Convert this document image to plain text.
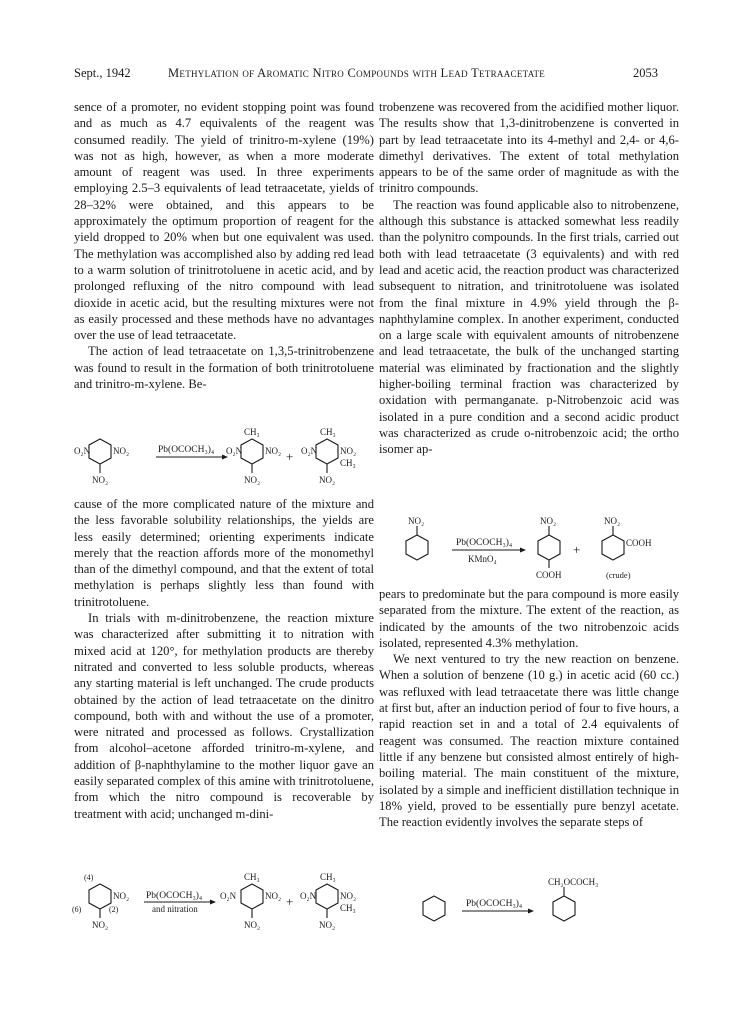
Sept., 1942	Methylation of Aromatic Nitro Compounds with Lead Tetraacetate	2053

sence of a promoter, no evident stopping point was found and as much as 4.7 equivalents of the reagent was consumed readily. The yield of trinitro-m-xylene (19%) was not as high, however, as when a more moderate amount of reagent was used. In three experiments employing 2.5–3 equivalents of lead tetraacetate, yields of 28–32% were obtained, and this appears to be approximately the optimum proportion of reagent for the yield dropped to 20% when but one equivalent was used. The methylation was accomplished also by adding red lead to a warm solution of trinitrotoluene in acetic acid, and by prolonged refluxing of the nitro compound with lead dioxide in acetic acid, but the resulting mixtures were not as easily processed and these methods have no advantages over the use of lead tetraacetate.

The action of lead tetraacetate on 1,3,5-trinitrobenzene was found to result in the formation of both trinitrotoluene and trinitro-m-xylene. Be-

O₂N	NO₂
NO₂
Pb(OCOCH₃)₄
CH₃
O₂N	NO₂
NO₂
+
CH₃
O₂N	NO₂
CH₃
NO₂

cause of the more complicated nature of the mixture and the less favorable solubility relationships, the yields are less easily determined; orienting experiments indicate merely that the reaction affords more of the monomethyl than of the dimethyl compound, and that the extent of total methylation is perhaps slightly less than found with trinitrotoluene.

In trials with m-dinitrobenzene, the reaction mixture was characterized after submitting it to nitration with mixed acid at 120°, for methylation products are thereby nitrated and converted to less soluble products, whereas any starting material is left unchanged. The crude products obtained by the action of lead tetraacetate on the dinitro compound, both with and without the use of a promoter, were nitrated and processed as follows. Crystallization from alcohol–acetone afforded trinitro-m-xylene, and addition of β-naphthylamine to the mother liquor gave an easily separated complex of this amine with trinitrotoluene, from which the nitro compound is recoverable by treatment with acid; unchanged m-dini-

(4)
NO₂
(6)	(2)
NO₂
Pb(OCOCH₃)₄
and nitration
CH₃
O₂N	NO₂
NO₂
+
CH₃
O₂N	NO₂
CH₃
NO₂

trobenzene was recovered from the acidified mother liquor. The results show that 1,3-dinitrobenzene is converted in part by lead tetraacetate into its 4-methyl and 2,4- or 4,6-dimethyl derivatives. The extent of total methylation appears to be of the same order of magnitude as with the trinitro compounds.

The reaction was found applicable also to nitrobenzene, although this substance is attacked somewhat less readily than the polynitro compounds. In the first trials, carried out both with lead tetraacetate (3 equivalents) and with red lead and acetic acid, the reaction product was characterized subsequent to nitration, and trinitrotoluene was isolated from the final mixture in 4.9% yield through the β-naphthylamine complex. In another experiment, conducted on a large scale with equivalent amounts of nitrobenzene and lead tetraacetate, the bulk of the unchanged starting material was eliminated by fractionation and the slightly higher-boiling terminal fraction was characterized by oxidation with permanganate. p-Nitrobenzoic acid was isolated in a pure condition and a second acidic product was characterized as crude o-nitrobenzoic acid; the ortho isomer ap-

NO₂
Pb(OCOCH₃)₄
KMnO₄
NO₂
COOH
+
NO₂
COOH
(crude)

pears to predominate but the para compound is more easily separated from the mixture. The extent of the reaction, as indicated by the amounts of the two nitrobenzoic acids isolated, represented 4.3% methylation.

We next ventured to try the new reaction on benzene. When a solution of benzene (10 g.) in acetic acid (60 cc.) was refluxed with lead tetraacetate there was little change at first but, after an induction period of four to five hours, a rapid reaction set in and a total of 2.4 equivalents of reagent was consumed. The reaction mixture contained little if any benzene but consisted almost entirely of high-boiling material. The main constituent of the mixture, isolated by a simple and inefficient distillation technique in 18% yield, proved to be essentially pure benzyl acetate. The reaction evidently involves the separate steps of

Pb(OCOCH₃)₄
CH₂OCOCH₃
